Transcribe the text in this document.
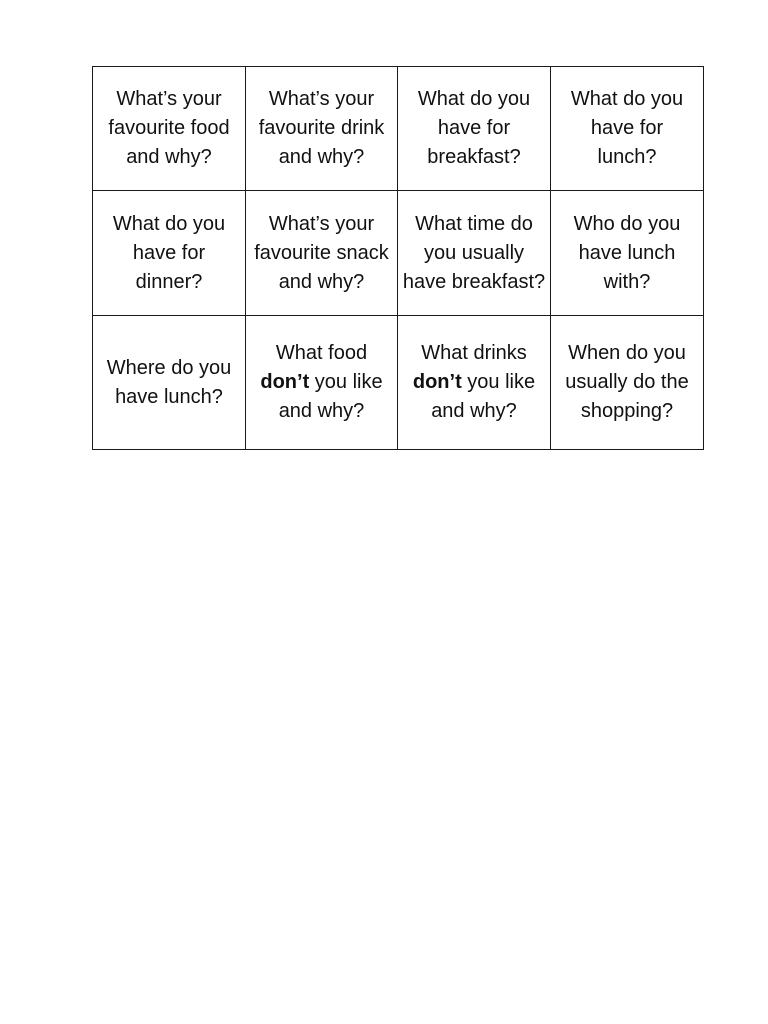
What’s your
favourite food
and why?	What’s your
favourite drink
and why?	What do you
have for
breakfast?	What do you
have for
lunch?

What do you
have for
dinner?	What’s your
favourite snack
and why?	What time do
you usually
have breakfast?	Who do you
have lunch
with?

Where do you
have lunch?	What food
don’t you like
and why?	What drinks
don’t you like
and why?	When do you
usually do the
shopping?
